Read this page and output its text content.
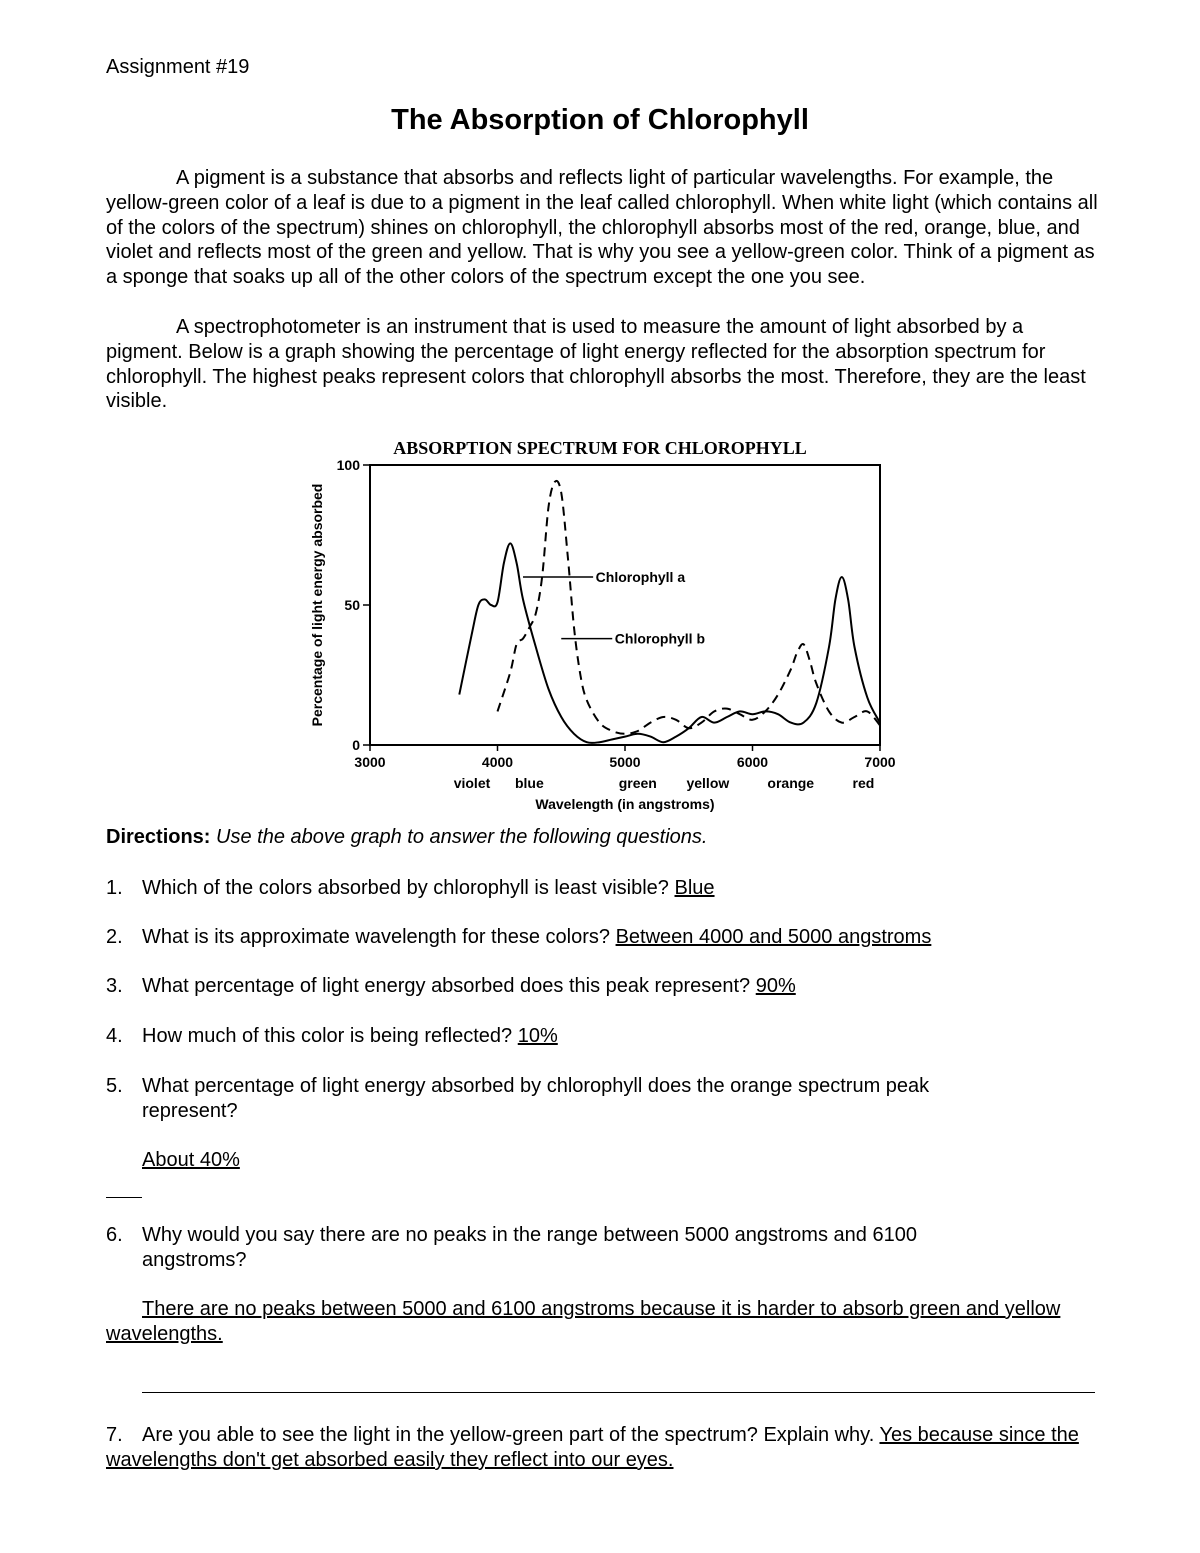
Assignment #19
The Absorption of Chlorophyll
A pigment is a substance that absorbs and reflects light of particular wavelengths. For example, the yellow-green color of a leaf is due to a pigment in the leaf called chlorophyll. When white light (which contains all of the colors of the spectrum) shines on chlorophyll, the chlorophyll absorbs most of the red, orange, blue, and violet and reflects most of the green and yellow. That is why you see a yellow-green color. Think of a pigment as a sponge that soaks up all of the other colors of the spectrum except the one you see.
A spectrophotometer is an instrument that is used to measure the amount of light absorbed by a pigment. Below is a graph showing the percentage of light energy reflected for the absorption spectrum for chlorophyll. The highest peaks represent colors that chlorophyll absorbs the most. Therefore, they are the least visible.
ABSORPTION SPECTRUM FOR CHLOROPHYLL
0
50
100
3000	4000	5000	6000	7000
violet blue	green yellow	orange	red
Chlorophyll a
Chlorophyll b
Percentage of light energy absorbed
Wavelength (in angstroms)
Directions: Use the above graph to answer the following questions.
1. Which of the colors absorbed by chlorophyll is least visible? Blue
2. What is its approximate wavelength for these colors? Between 4000 and 5000 angstroms
3. What percentage of light energy absorbed does this peak represent? 90%
4. How much of this color is being reflected? 10%
5. What percentage of light energy absorbed by chlorophyll does the orange spectrum peak represent?
About 40%
6. Why would you say there are no peaks in the range between 5000 angstroms and 6100 angstroms?
There are no peaks between 5000 and 6100 angstroms because it is harder to absorb green and yellow wavelengths.
7. Are you able to see the light in the yellow-green part of the spectrum? Explain why. Yes because since the wavelengths don't get absorbed easily they reflect into our eyes.
